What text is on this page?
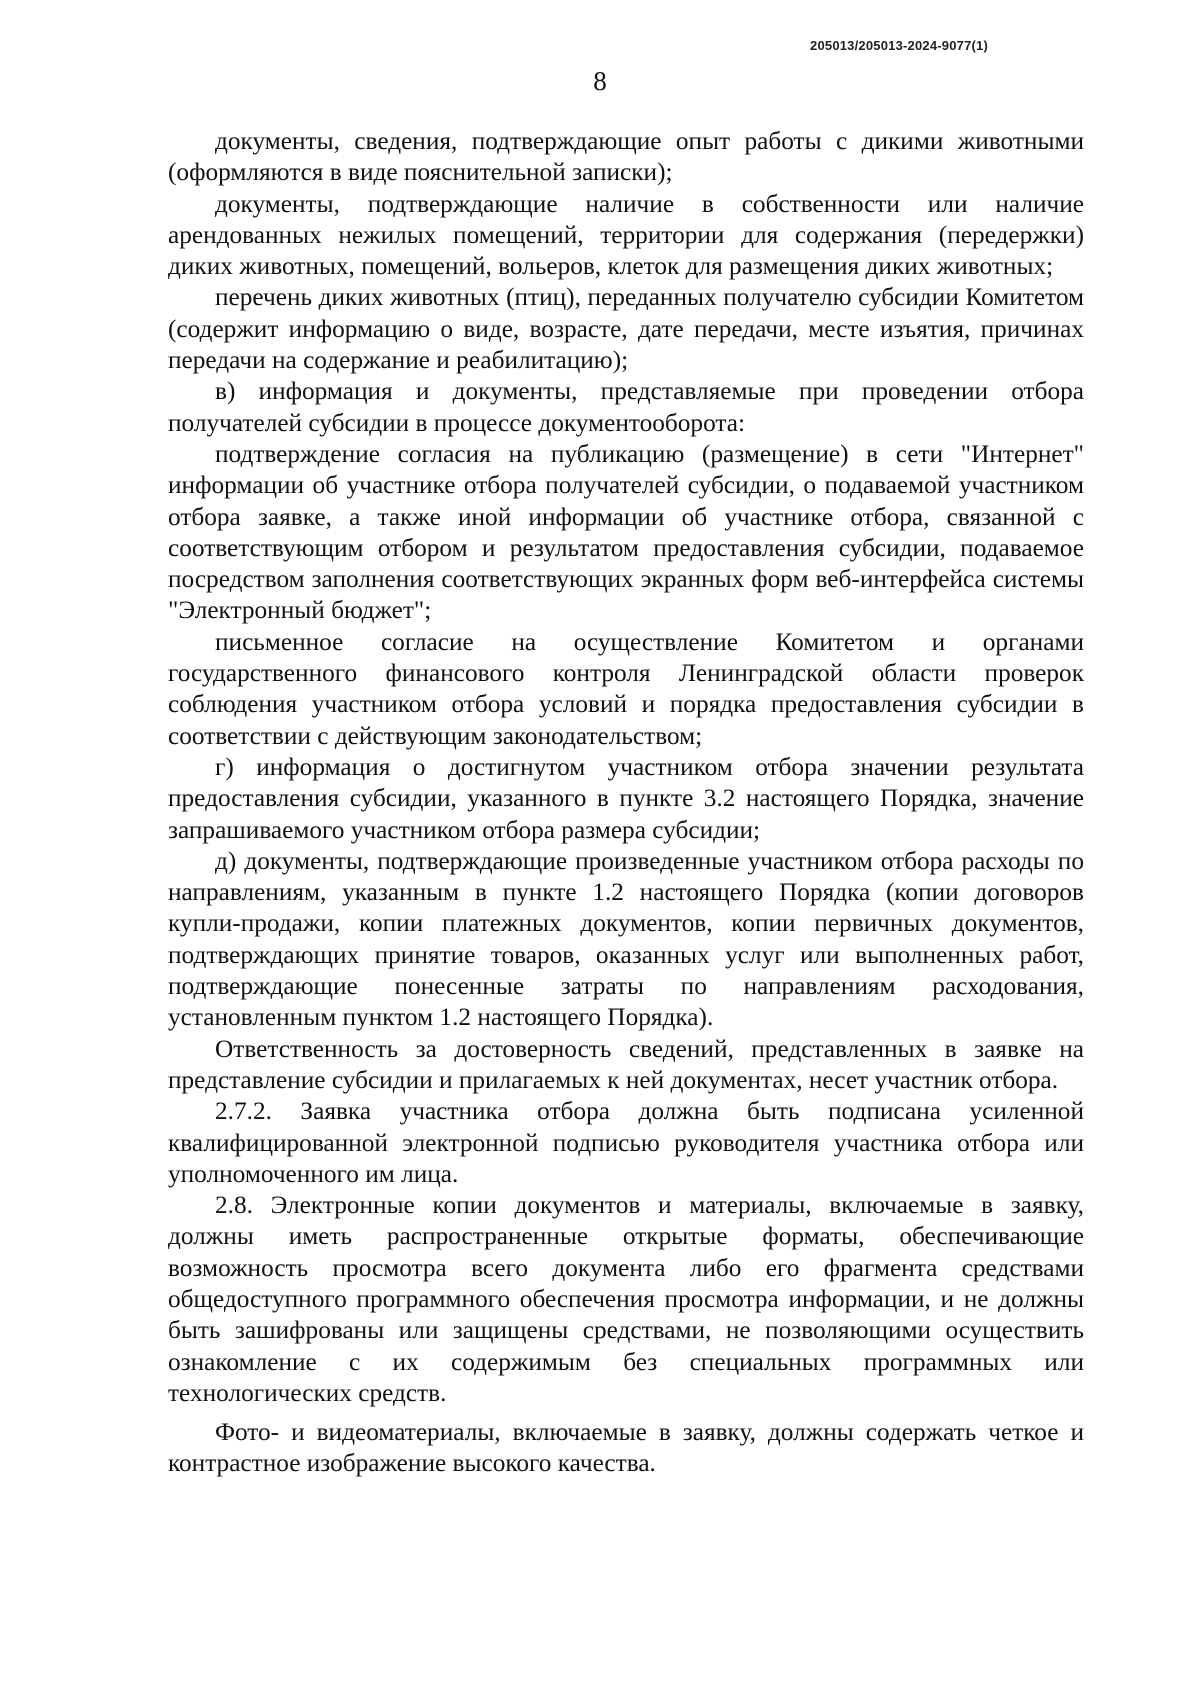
205013/205013-2024-9077(1)
8

документы, сведения, подтверждающие опыт работы с дикими животными (оформляются в виде пояснительной записки);

документы, подтверждающие наличие в собственности или наличие арендованных нежилых помещений, территории для содержания (передержки) диких животных, помещений, вольеров, клеток для размещения диких животных;

перечень диких животных (птиц), переданных получателю субсидии Комитетом (содержит информацию о виде, возрасте, дате передачи, месте изъятия, причинах передачи на содержание и реабилитацию);

в) информация и документы, представляемые при проведении отбора получателей субсидии в процессе документооборота:

подтверждение согласия на публикацию (размещение) в сети "Интернет" информации об участнике отбора получателей субсидии, о подаваемой участником отбора заявке, а также иной информации об участнике отбора, связанной с соответствующим отбором и результатом предоставления субсидии, подаваемое посредством заполнения соответствующих экранных форм веб-интерфейса системы "Электронный бюджет";

письменное согласие на осуществление Комитетом и органами государственного финансового контроля Ленинградской области проверок соблюдения участником отбора условий и порядка предоставления субсидии в соответствии с действующим законодательством;

г) информация о достигнутом участником отбора значении результата предоставления субсидии, указанного в пункте 3.2 настоящего Порядка, значение запрашиваемого участником отбора размера субсидии;

д) документы, подтверждающие произведенные участником отбора расходы по направлениям, указанным в пункте 1.2 настоящего Порядка (копии договоров купли-продажи, копии платежных документов, копии первичных документов, подтверждающих принятие товаров, оказанных услуг или выполненных работ, подтверждающие понесенные затраты по направлениям расходования, установленным пунктом 1.2 настоящего Порядка).

Ответственность за достоверность сведений, представленных в заявке на представление субсидии и прилагаемых к ней документах, несет участник отбора.

2.7.2. Заявка участника отбора должна быть подписана усиленной квалифицированной электронной подписью руководителя участника отбора или уполномоченного им лица.

2.8. Электронные копии документов и материалы, включаемые в заявку, должны иметь распространенные открытые форматы, обеспечивающие возможность просмотра всего документа либо его фрагмента средствами общедоступного программного обеспечения просмотра информации, и не должны быть зашифрованы или защищены средствами, не позволяющими осуществить ознакомление с их содержимым без специальных программных или технологических средств.

Фото- и видеоматериалы, включаемые в заявку, должны содержать четкое и контрастное изображение высокого качества.
